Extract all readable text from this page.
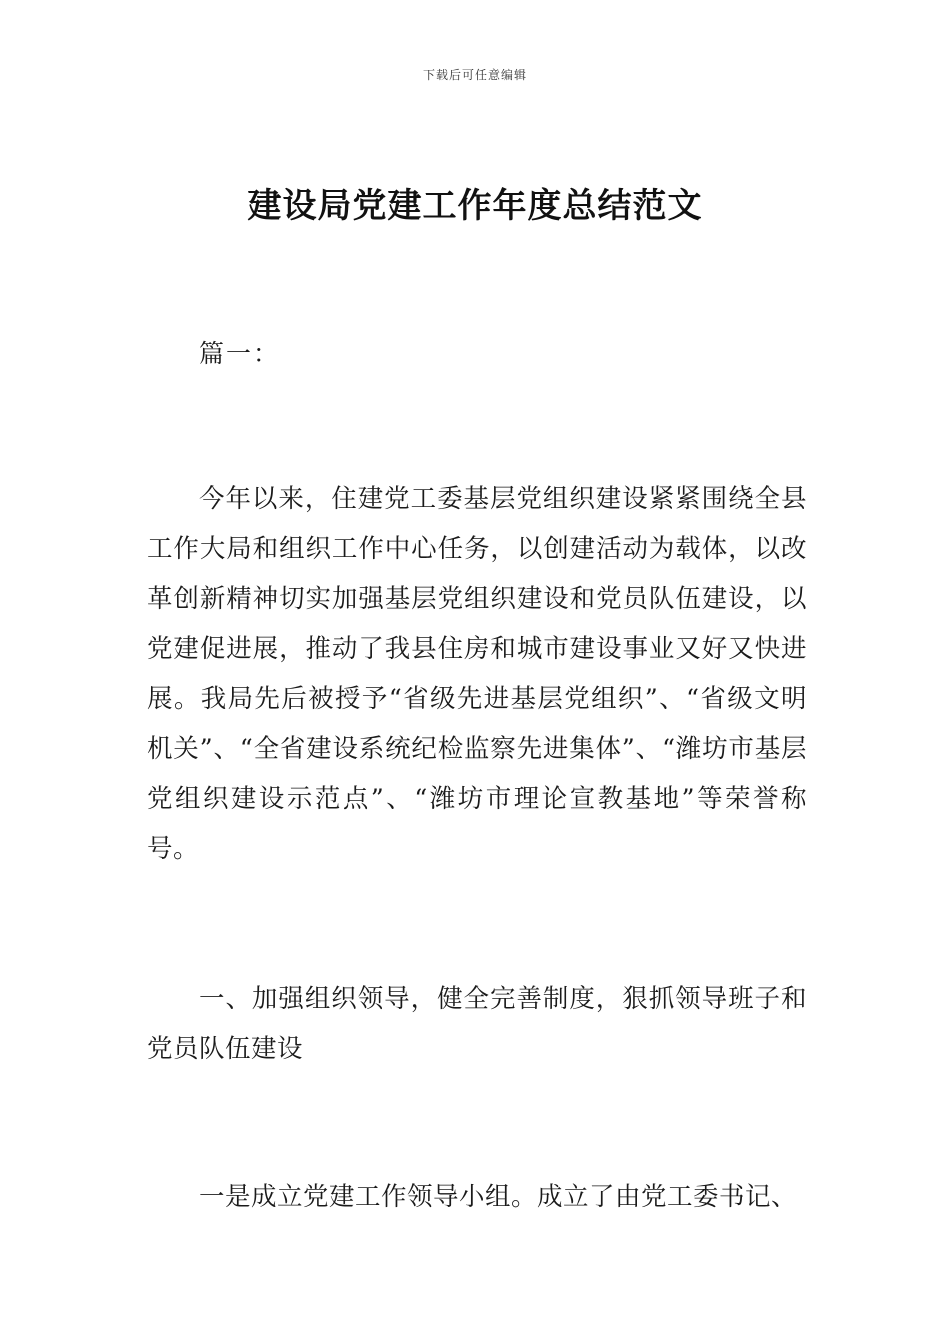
下载后可任意编辑
建设局党建工作年度总结范文
篇一：

今年以来，住建党工委基层党组织建设紧紧围绕全县工作大局和组织工作中心任务，以创建活动为载体，以改革创新精神切实加强基层党组织建设和党员队伍建设，以党建促进展，推动了我县住房和城市建设事业又好又快进展。我局先后被授予“省级先进基层党组织”、“省级文明机关”、“全省建设系统纪检监察先进集体”、“潍坊市基层党组织建设示范点”、“潍坊市理论宣教基地”等荣誉称号。

一、加强组织领导，健全完善制度，狠抓领导班子和党员队伍建设

一是成立党建工作领导小组。成立了由党工委书记、
